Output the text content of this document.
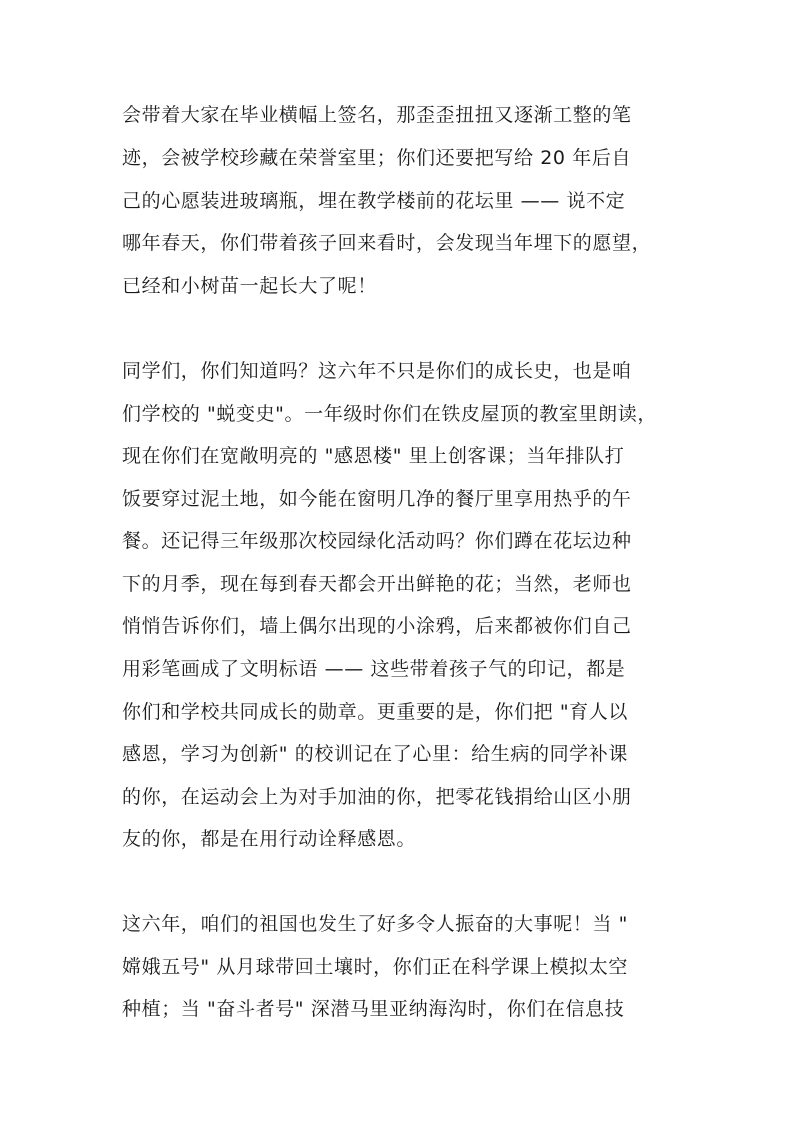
会带着大家在毕业横幅上签名，那歪歪扭扭又逐渐工整的笔
迹，会被学校珍藏在荣誉室里；你们还要把写给 20 年后自
己的心愿装进玻璃瓶，埋在教学楼前的花坛里 —— 说不定
哪年春天，你们带着孩子回来看时，会发现当年埋下的愿望，
已经和小树苗一起长大了呢！
同学们，你们知道吗？这六年不只是你们的成长史，也是咱
们学校的 "蜕变史"。一年级时你们在铁皮屋顶的教室里朗读，
现在你们在宽敞明亮的 "感恩楼" 里上创客课；当年排队打
饭要穿过泥土地，如今能在窗明几净的餐厅里享用热乎的午
餐。还记得三年级那次校园绿化活动吗？你们蹲在花坛边种
下的月季，现在每到春天都会开出鲜艳的花；当然，老师也
悄悄告诉你们，墙上偶尔出现的小涂鸦，后来都被你们自己
用彩笔画成了文明标语 —— 这些带着孩子气的印记，都是
你们和学校共同成长的勋章。更重要的是，你们把 "育人以
感恩，学习为创新" 的校训记在了心里：给生病的同学补课
的你，在运动会上为对手加油的你，把零花钱捐给山区小朋
友的你，都是在用行动诠释感恩。
这六年，咱们的祖国也发生了好多令人振奋的大事呢！当 "
嫦娥五号" 从月球带回土壤时，你们正在科学课上模拟太空
种植；当 "奋斗者号" 深潜马里亚纳海沟时，你们在信息技
